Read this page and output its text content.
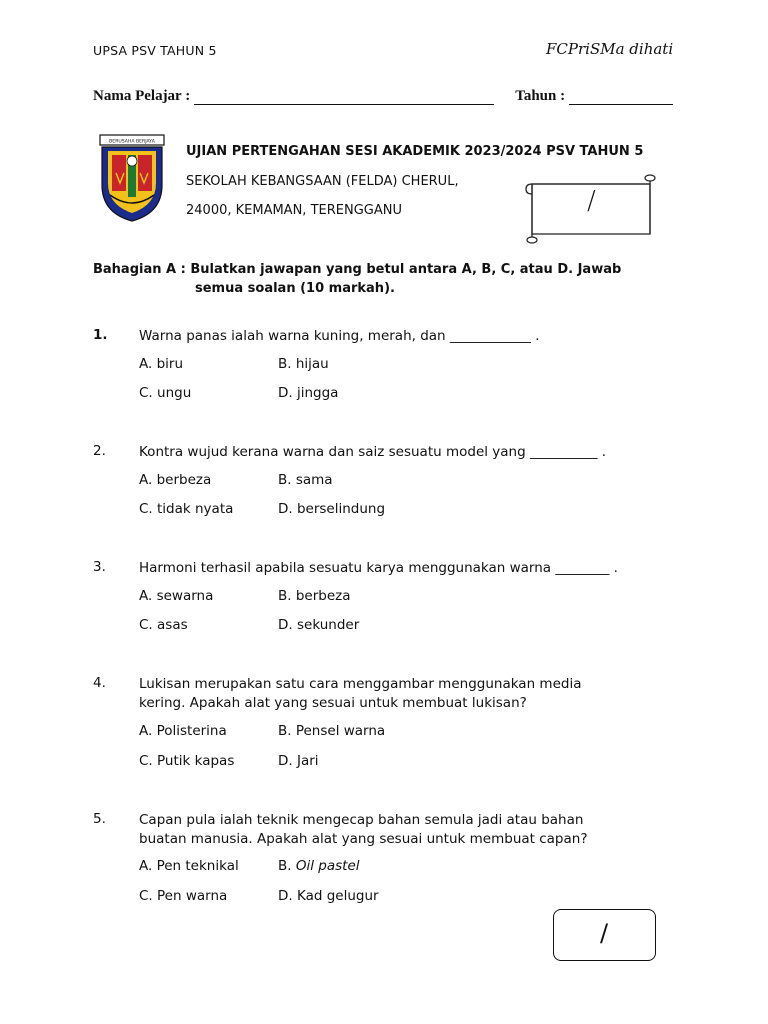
UPSA PSV TAHUN 5	FCPriSMa dihati
Nama Pelajar :	Tahun :
BERUSAHA BERJAYA
UJIAN PERTENGAHAN SESI AKADEMIK 2023/2024 PSV TAHUN 5
SEKOLAH KEBANGSAAN (FELDA) CHERUL,
24000, KEMAMAN, TERENGGANU	/
Bahagian A : Bulatkan jawapan yang betul antara A, B, C, atau D. Jawab
semua soalan (10 markah).
1. Warna panas ialah warna kuning, merah, dan ____________ .
A. biru	B. hijau
C. ungu	D. jingga
2. Kontra wujud kerana warna dan saiz sesuatu model yang __________ .
A. berbeza	B. sama
C. tidak nyata	D. berselindung
3. Harmoni terhasil apabila sesuatu karya menggunakan warna ________ .
A. sewarna	B. berbeza
C. asas	D. sekunder
4. Lukisan merupakan satu cara menggambar menggunakan media
kering. Apakah alat yang sesuai untuk membuat lukisan?
A. Polisterina	B. Pensel warna
C. Putik kapas	D. Jari
5. Capan pula ialah teknik mengecap bahan semula jadi atau bahan
buatan manusia. Apakah alat yang sesuai untuk membuat capan?
A. Pen teknikal	B. Oil pastel
C. Pen warna	D. Kad gelugur
/
